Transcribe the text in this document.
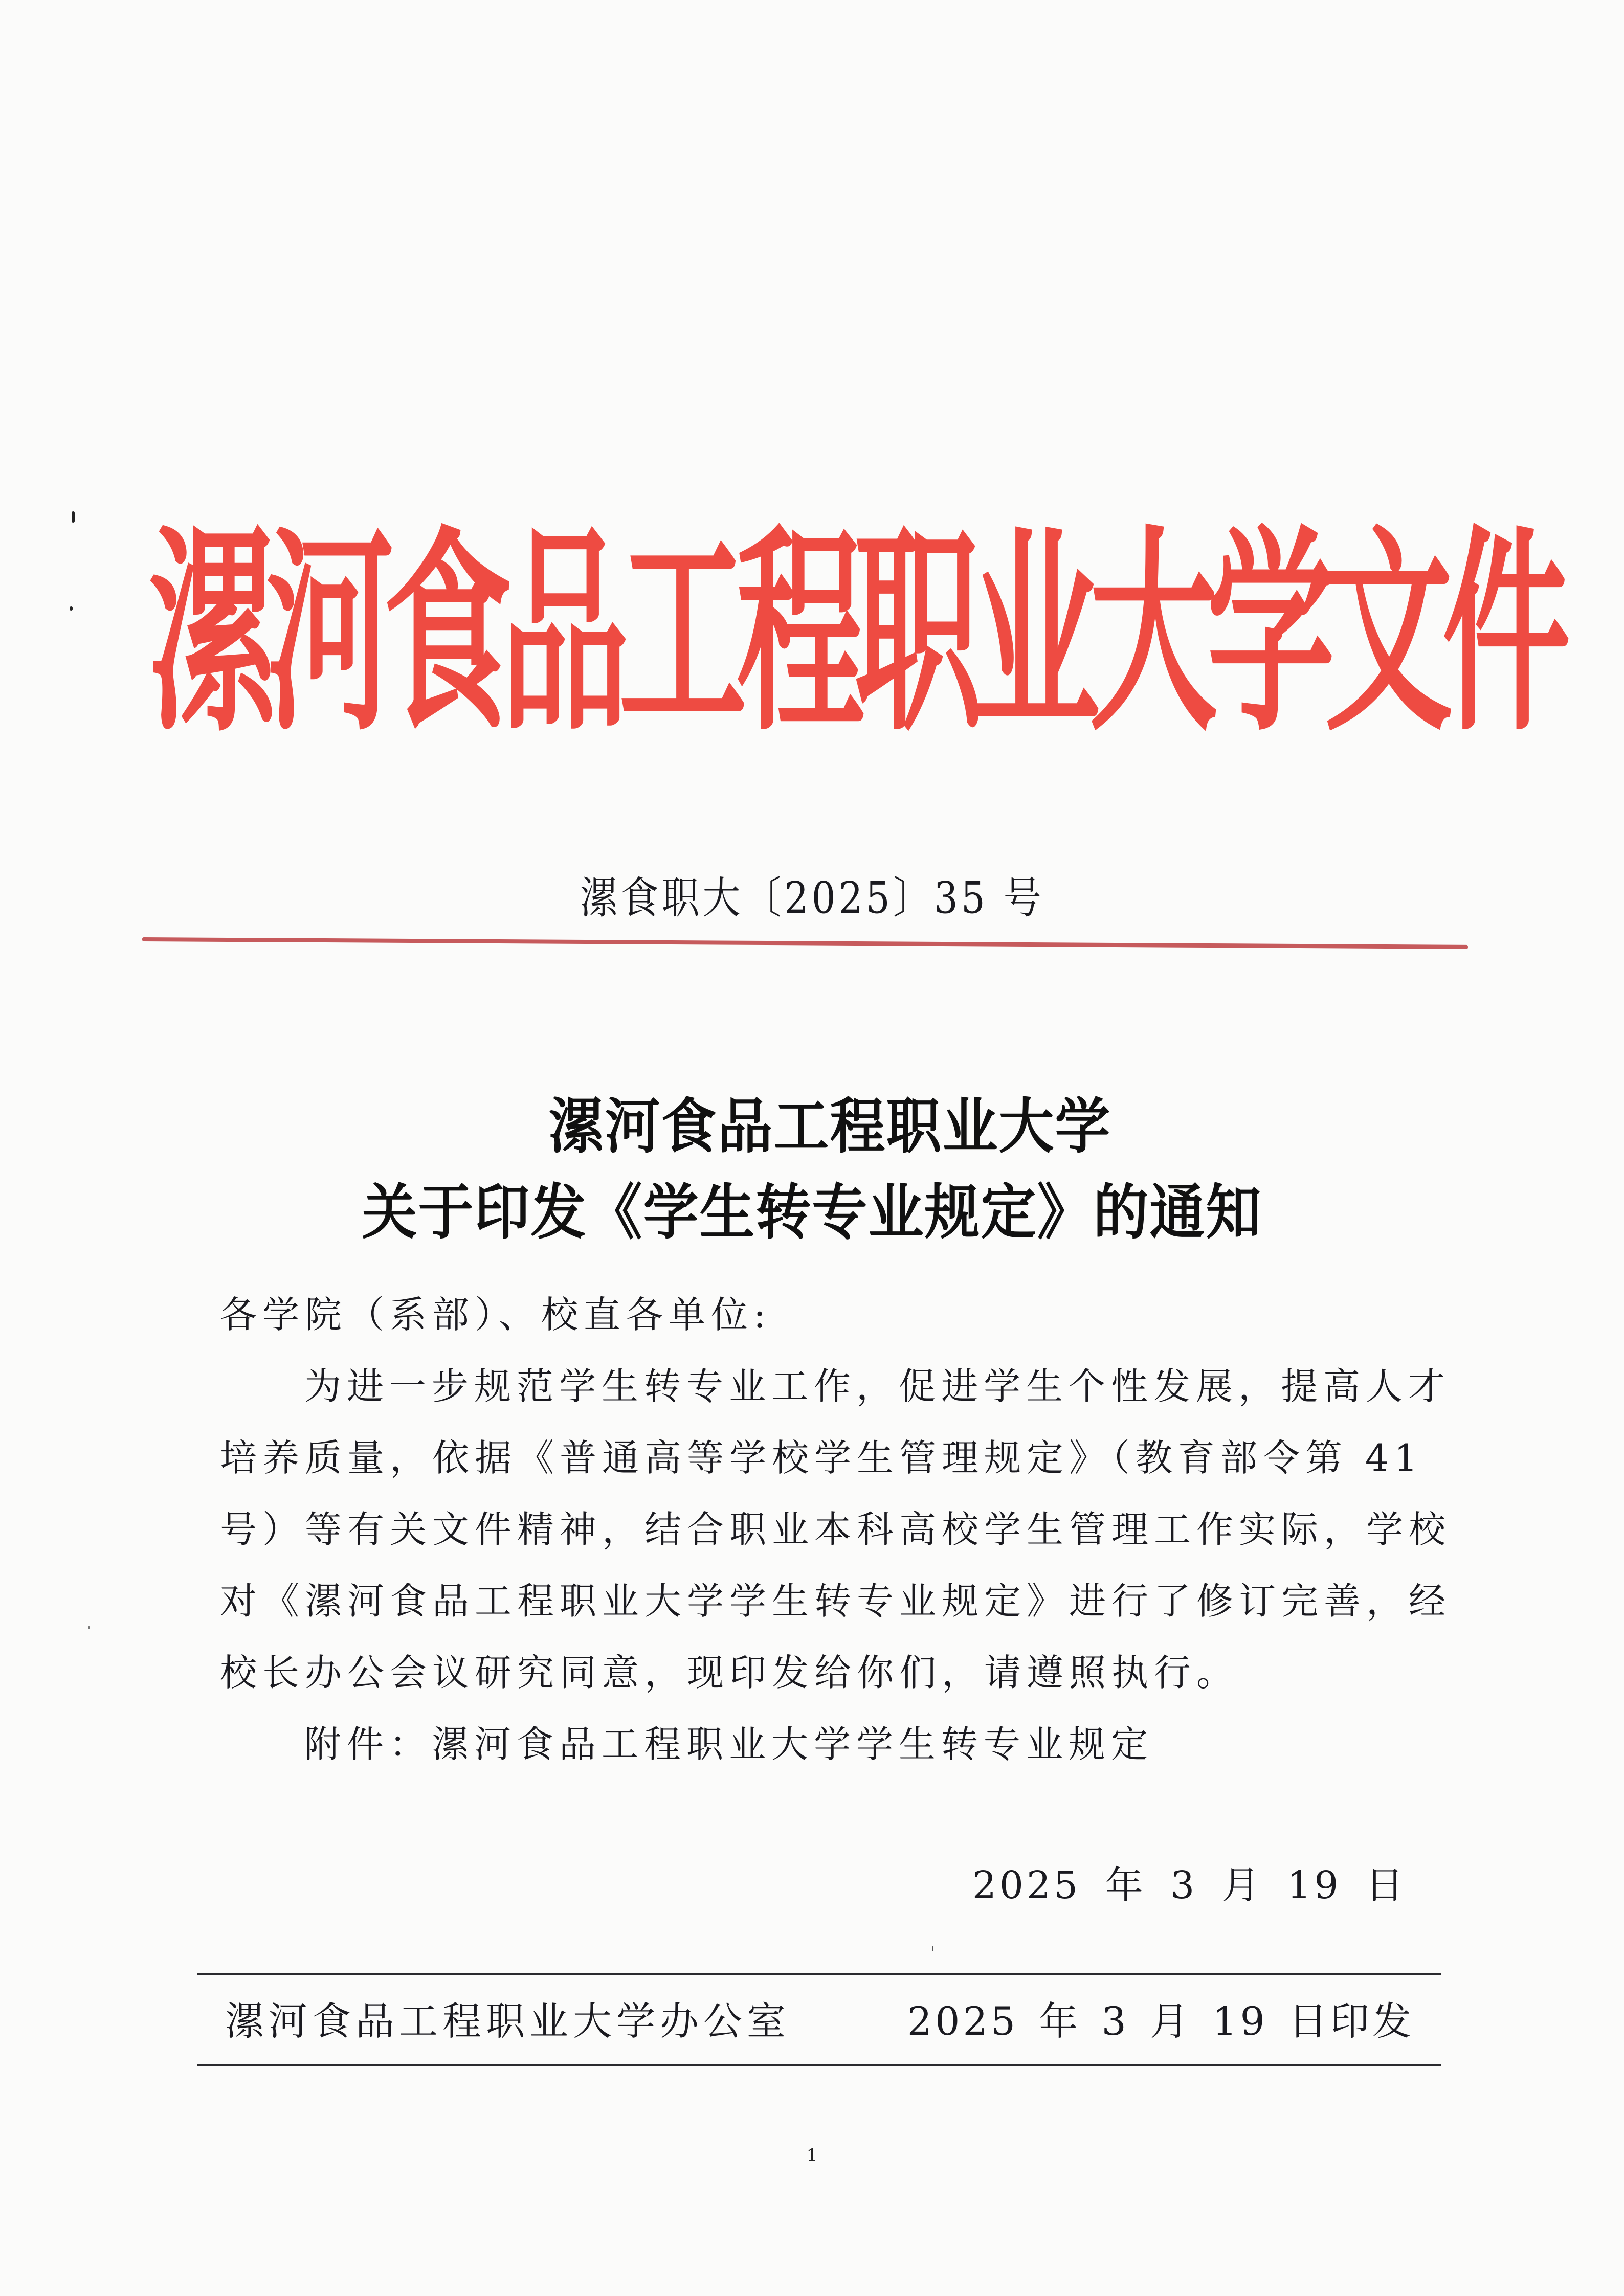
漯
河
食
品
工
程
职
业
大
学
文
件
漯食职大〔2025〕35 号
漯河食品工程职业大学
关于印发《学生转专业规定》的通知
各学院（系部）、校直各单位:
为进一步规范学生转专业工作，促进学生个性发展，提高人才
培养质量，依据《普通高等学校学生管理规定》（教育部令第 41
号）等有关文件精神，结合职业本科高校学生管理工作实际，学校
对《漯河食品工程职业大学学生转专业规定》进行了修订完善，经
校长办公会议研究同意，现印发给你们，请遵照执行。
附件：漯河食品工程职业大学学生转专业规定
2025 年 3 月 19 日
漯河食品工程职业大学办公室	2025 年 3 月 19 日印发
1
